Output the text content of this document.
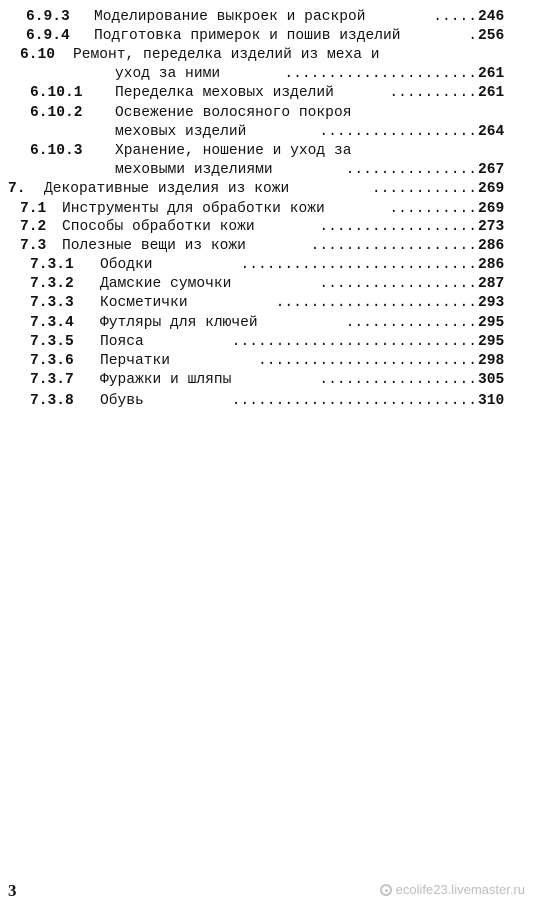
6.9.3 Моделирование выкроек и раскрой	..... 246
6.9.4 Подготовка примерок и пошив изделий	. 256
6.10 Ремонт, переделка изделий из меха и
уход за ними	...................... 261
6.10.1 Переделка меховых изделий	.......... 261
6.10.2 Освежение волосяного покроя
меховых изделий	.................. 264
6.10.3 Хранение, ношение и уход за
меховыми изделиями	............... 267
7. Декоративные изделия из кожи	............ 269
7.1 Инструменты для обработки кожи	.......... 269
7.2 Способы обработки кожи	.................. 273
7.3 Полезные вещи из кожи	................... 286
7.3.1 Ободки	........................... 286
7.3.2 Дамские сумочки	.................. 287
7.3.3 Косметички	....................... 293
7.3.4 Футляры для ключей	............... 295
7.3.5 Пояса	............................ 295
7.3.6 Перчатки	......................... 298
7.3.7 Фуражки и шляпы	.................. 305
7.3.8 Обувь	............................ 310
3	ecolife23.livemaster.ru
